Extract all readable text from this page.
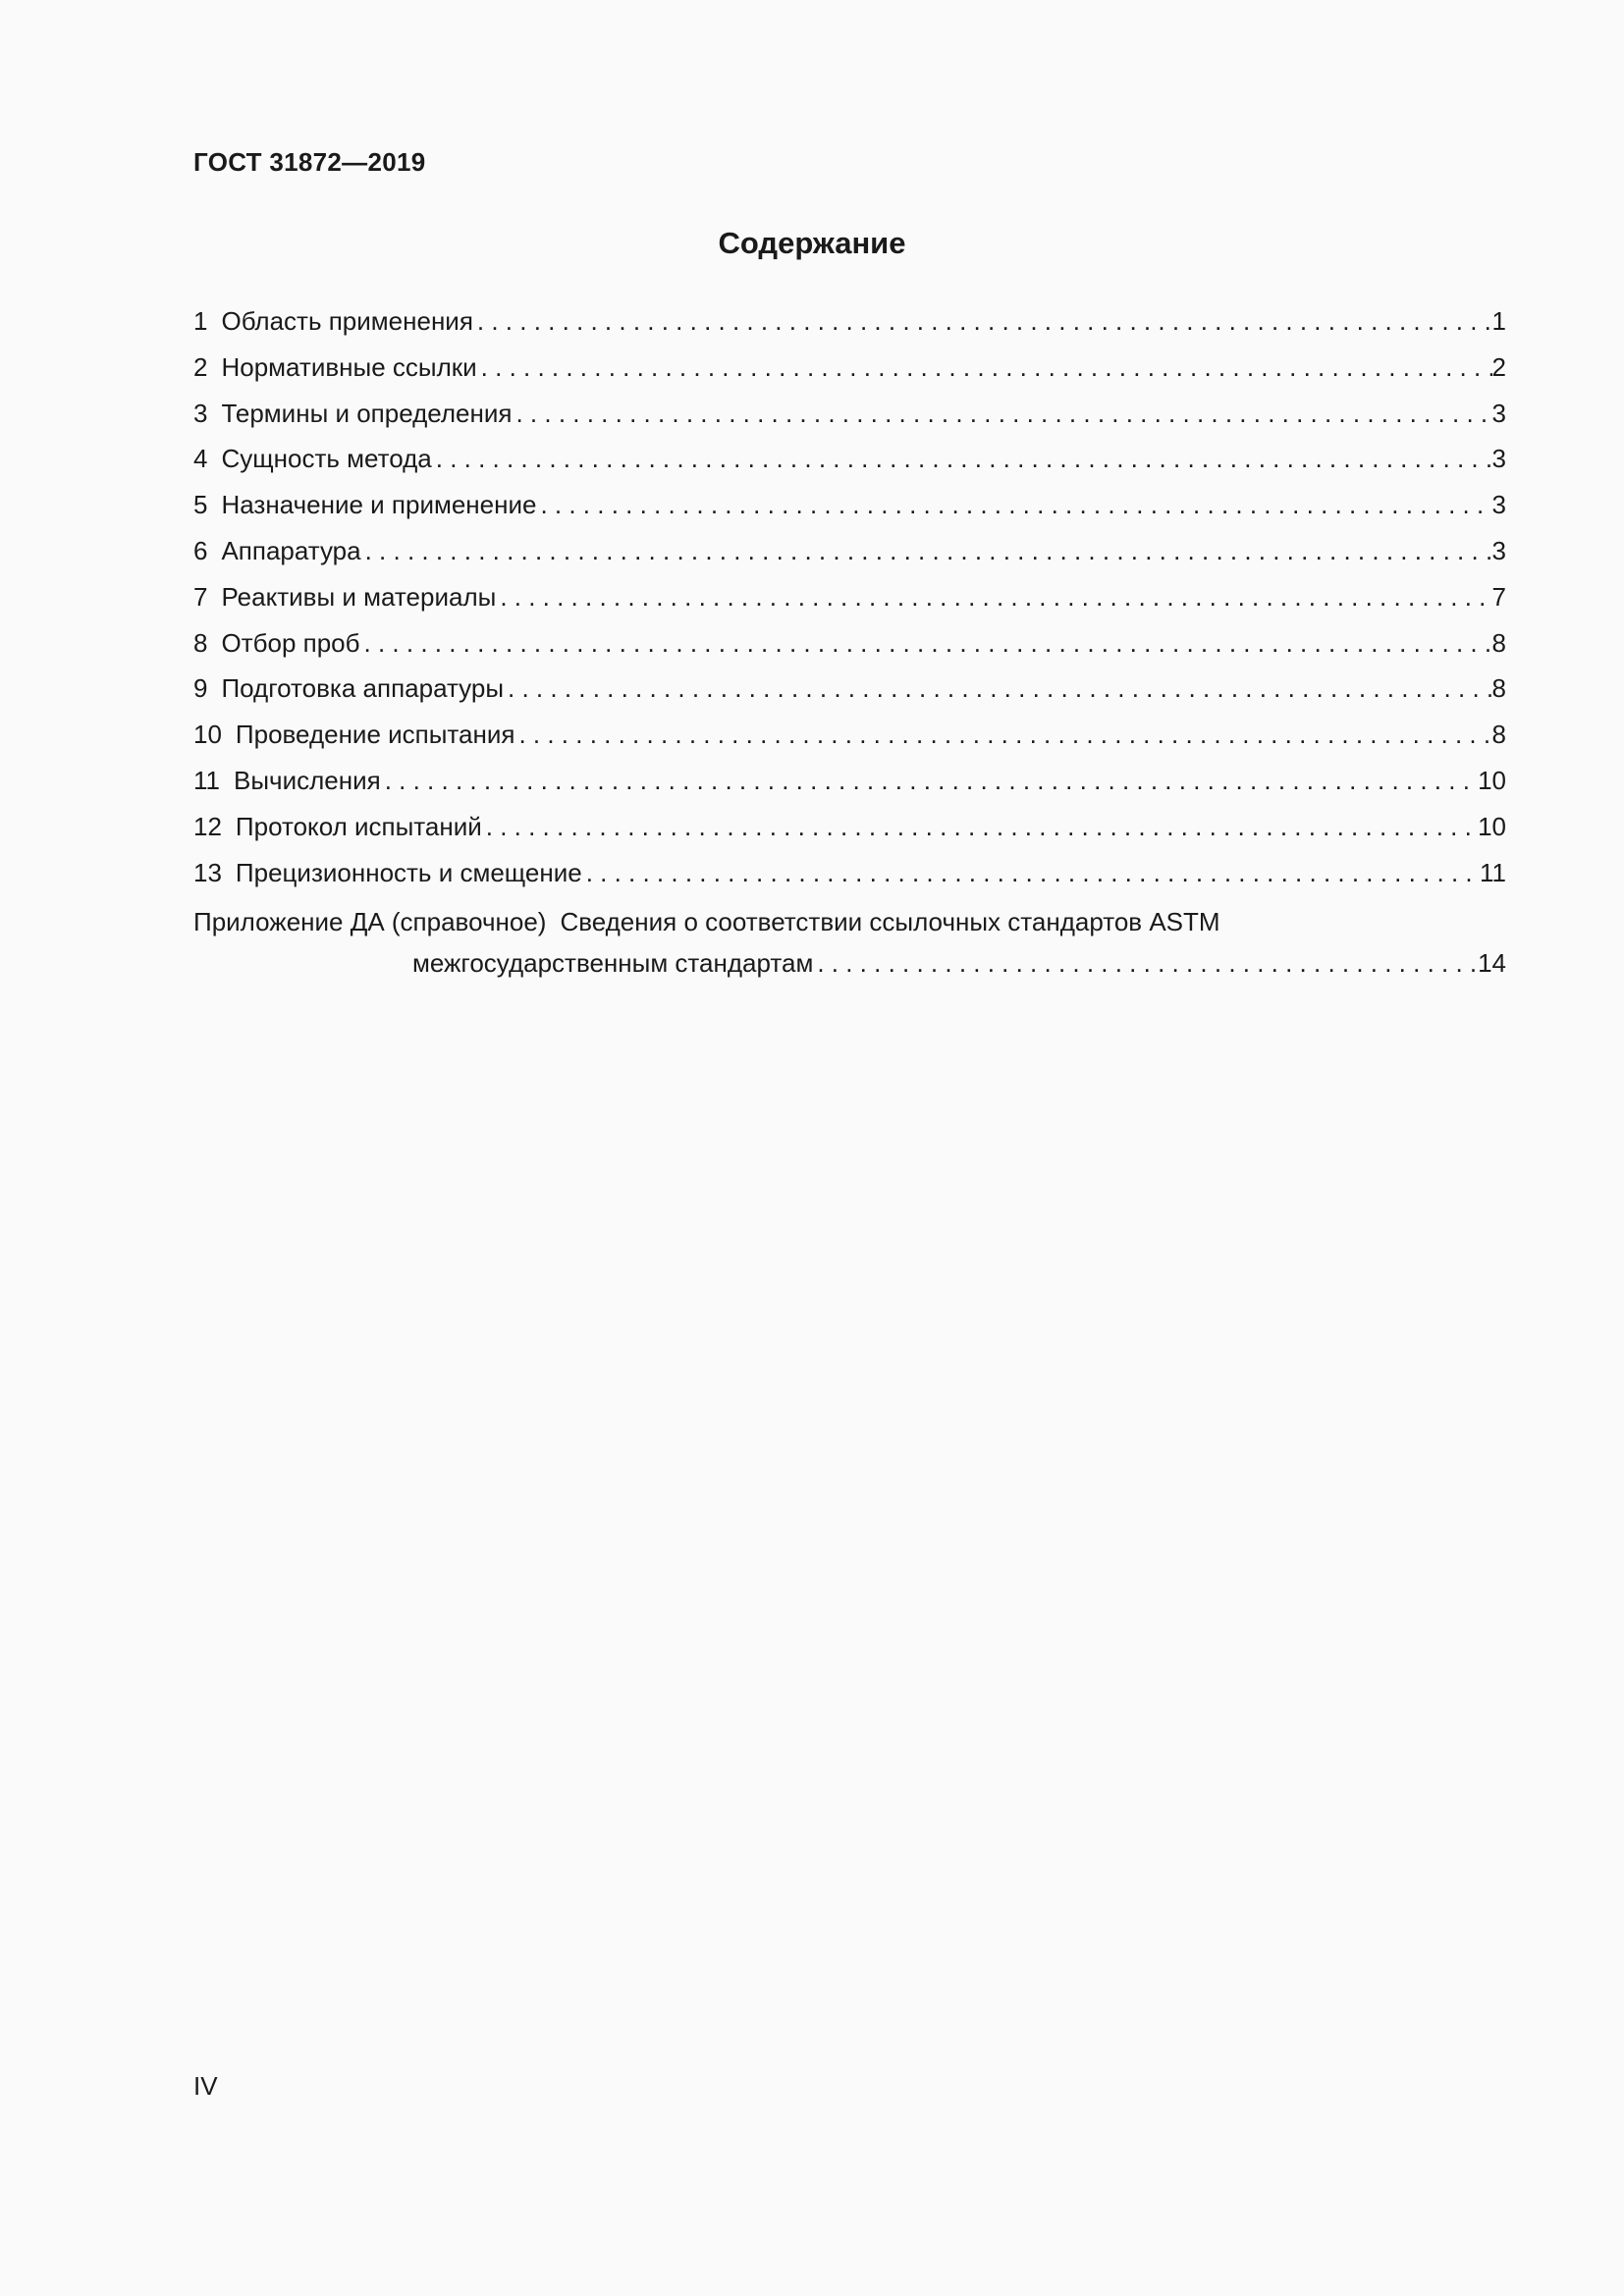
ГОСТ 31872—2019
Содержание
1 Область применения . . .	1
2 Нормативные ссылки . . .	2
3 Термины и определения . . .	3
4 Сущность метода . . .	3
5 Назначение и применение . . .	3
6 Аппаратура . . .	3
7 Реактивы и материалы . . .	7
8 Отбор проб . . .	8
9 Подготовка аппаратуры . . .	8
10 Проведение испытания . . .	8
11 Вычисления . . .	10
12 Протокол испытаний . . .	10
13 Прецизионность и смещение . . .	11
Приложение ДА (справочное) Сведения о соответствии ссылочных стандартов ASTM
межгосударственным стандартам . . .	14
IV
